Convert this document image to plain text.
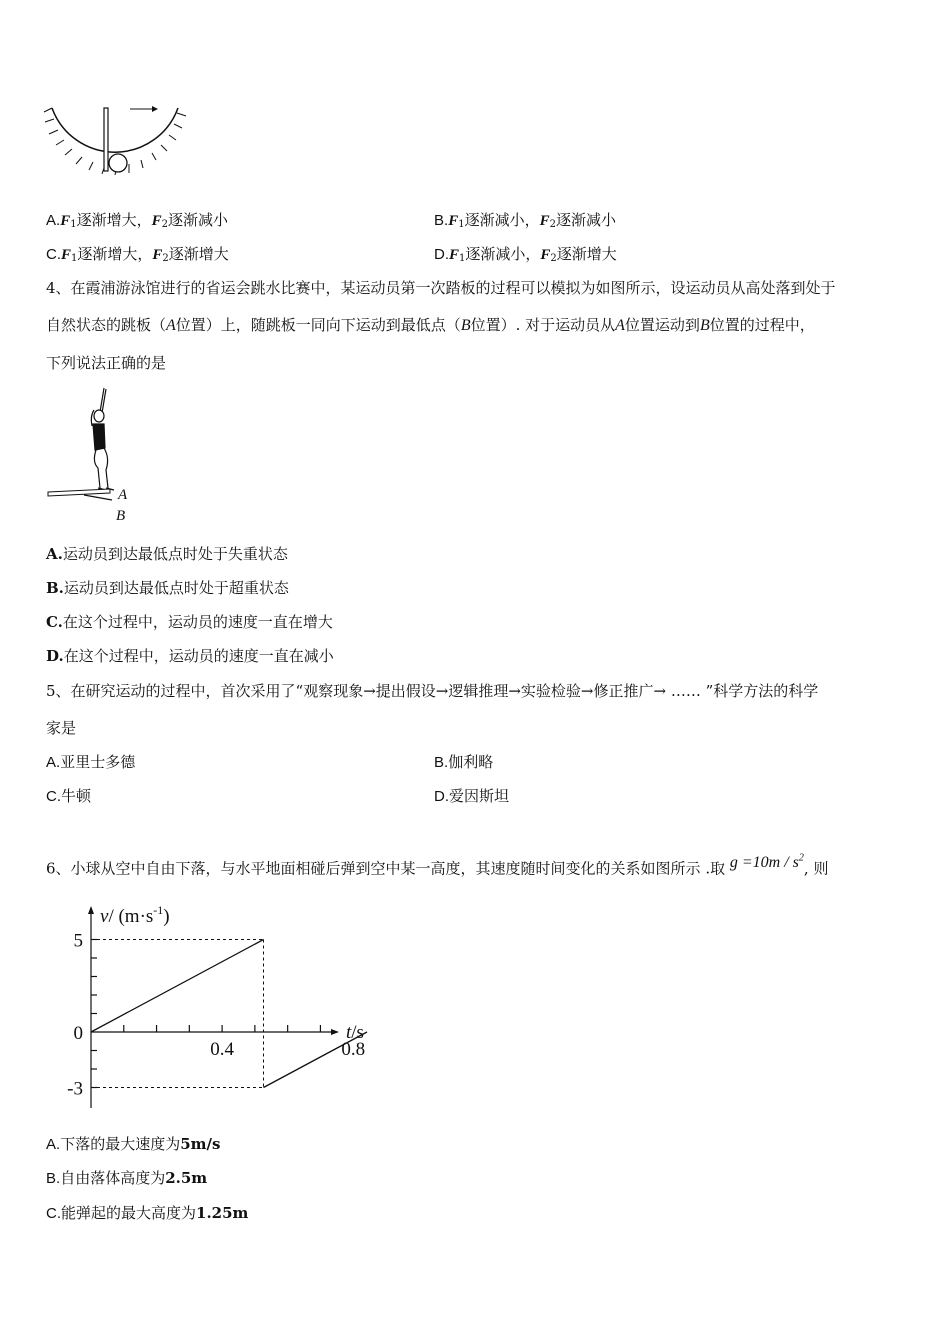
$A.F_1$逐渐增大，$F_2$逐渐减小	$B.F_1$逐渐减小，$F_2$逐渐减小
$C.F_1$逐渐增大，$F_2$逐渐增大	$D.F_1$逐渐减小，$F_2$逐渐增大
4、在霞浦游泳馆进行的省运会跳水比赛中，某运动员第一次踏板的过程可以模拟为如图所示，设运动员从高处落到处于
自然状态的跳板（A位置）上，随跳板一同向下运动到最低点（B位置）. 对于运动员从A位置运动到B位置的过程中，
下列说法正确的是
A
B
A.运动员到达最低点时处于失重状态
B.运动员到达最低点时处于超重状态
C.在这个过程中，运动员的速度一直在增大
D.在这个过程中，运动员的速度一直在减小
5、在研究运动的过程中，首次采用了“观察现象→提出假设→逻辑推理→实验检验→修正推广→ …… ”科学方法的科学
家是
A.亚里士多德	B.伽利略
C.牛顿	D.爱因斯坦
6、小球从空中自由下落，与水平地面相碰后弹到空中某一高度，其速度随时间变化的关系如图所示 .取 $g =10m / s^2$, 则
5
0
-3
0.4	0.8
v/ $(m\cdot s^{-1})$
t/s
A.下落的最大速度为5m/s
B.自由落体高度为2.5m
C.能弹起的最大高度为1.25m
